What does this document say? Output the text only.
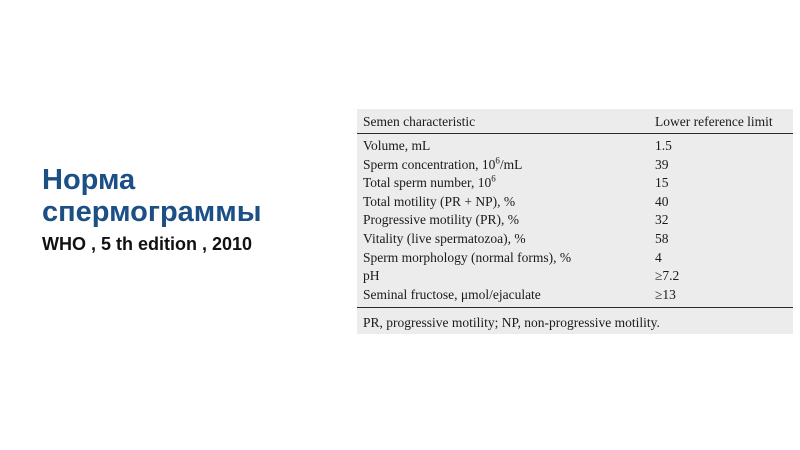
Норма спермограммы
WHO , 5 th edition , 2010
Semen characteristic	Lower reference limit
Volume, mL	1.5
Sperm concentration, $10^6/mL$	39
Total sperm number, $10^6$	15
Total motility (PR + NP), %	40
Progressive motility (PR), %	32
Vitality (live spermatozoa), %	58
Sperm morphology (normal forms), %	4
pH	≥7.2
Seminal fructose, μmol/ejaculate	≥13
PR, progressive motility; NP, non-progressive motility.
